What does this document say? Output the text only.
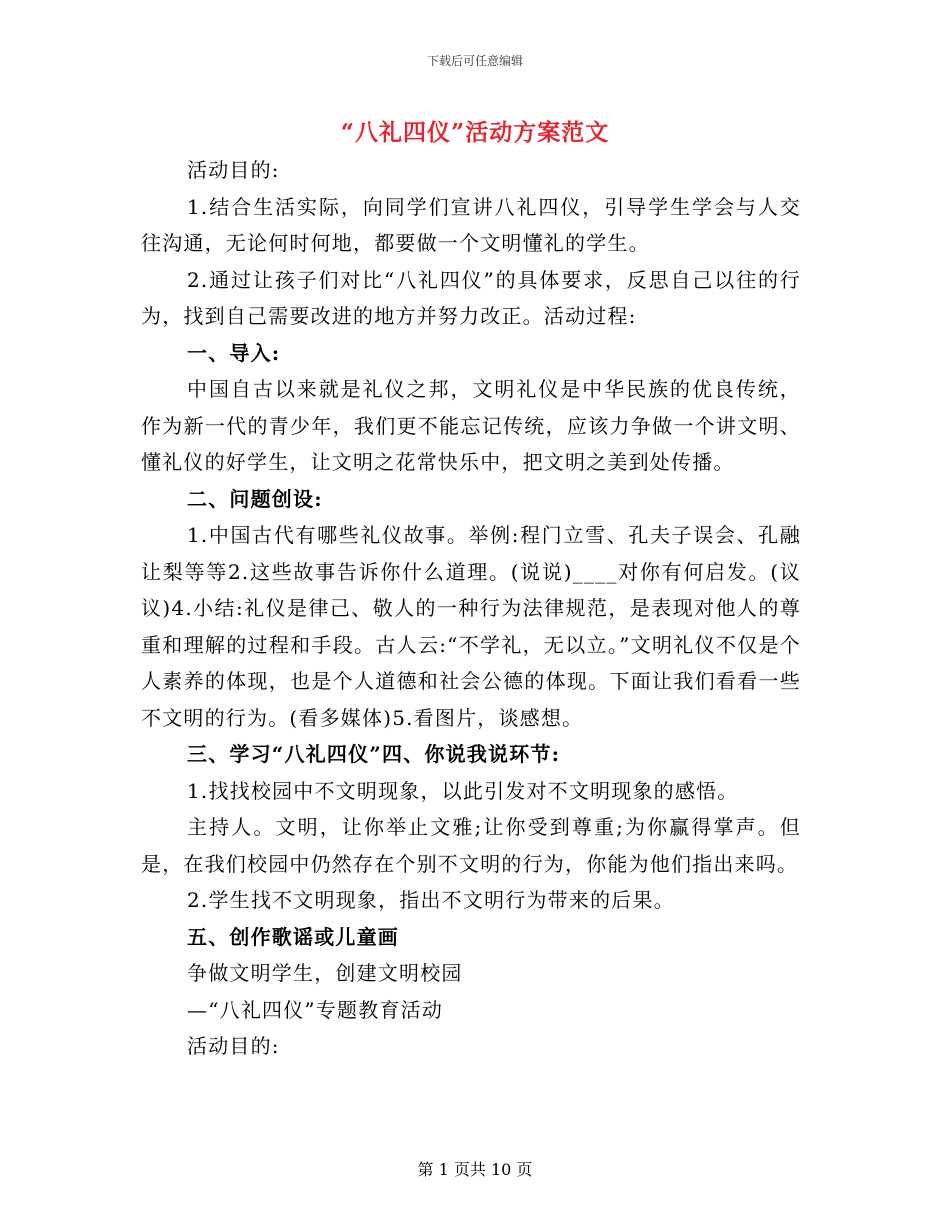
下载后可任意编辑
“八礼四仪”活动方案范文

活动目的:

1.结合生活实际，向同学们宣讲八礼四仪，引导学生学会与人交往沟通，无论何时何地，都要做一个文明懂礼的学生。

2.通过让孩子们对比“八礼四仪”的具体要求，反思自己以往的行为，找到自己需要改进的地方并努力改正。活动过程:

一、导入:

中国自古以来就是礼仪之邦，文明礼仪是中华民族的优良传统，作为新一代的青少年，我们更不能忘记传统，应该力争做一个讲文明、懂礼仪的好学生，让文明之花常快乐中，把文明之美到处传播。

二、问题创设:

1.中国古代有哪些礼仪故事。举例:程门立雪、孔夫子误会、孔融让梨等等2.这些故事告诉你什么道理。(说说)____对你有何启发。(议议)4.小结:礼仪是律己、敬人的一种行为法律规范，是表现对他人的尊重和理解的过程和手段。古人云:“不学礼，无以立。”文明礼仪不仅是个人素养的体现，也是个人道德和社会公德的体现。下面让我们看看一些不文明的行为。(看多媒体)5.看图片，谈感想。

三、学习“八礼四仪”四、你说我说环节:

1.找找校园中不文明现象，以此引发对不文明现象的感悟。

主持人。文明，让你举止文雅;让你受到尊重;为你赢得掌声。但是，在我们校园中仍然存在个别不文明的行为，你能为他们指出来吗。

2.学生找不文明现象，指出不文明行为带来的后果。

五、创作歌谣或儿童画

争做文明学生，创建文明校园

—“八礼四仪”专题教育活动

活动目的:

第 1 页共 10 页
